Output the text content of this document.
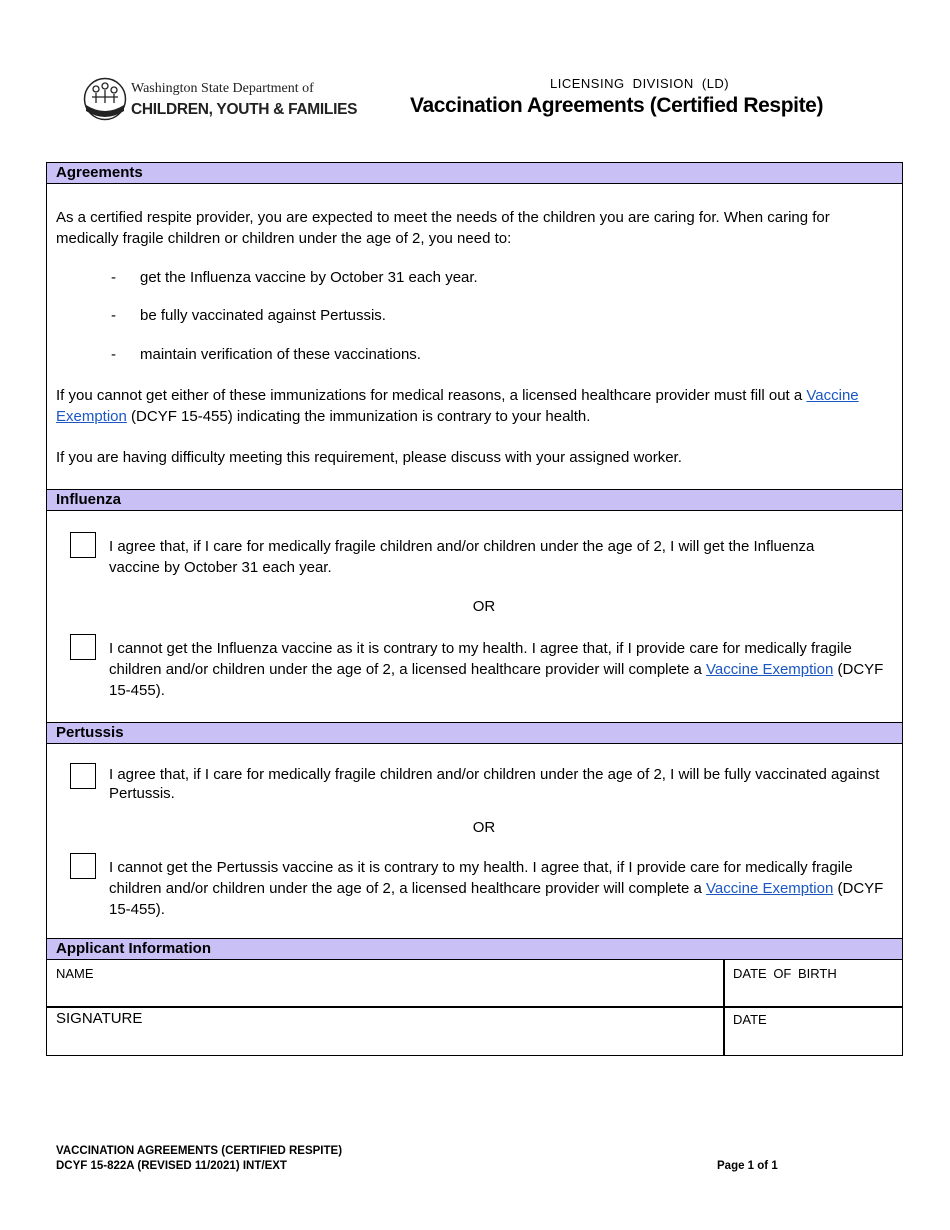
Washington State Department of
CHILDREN, YOUTH & FAMILIES
LICENSING DIVISION (LD)
Vaccination Agreements (Certified Respite)
Agreements
As a certified respite provider, you are expected to meet the needs of the children you are caring for. When caring for medically fragile children or children under the age of 2, you need to:
- get the Influenza vaccine by October 31 each year.
- be fully vaccinated against Pertussis.
- maintain verification of these vaccinations.
If you cannot get either of these immunizations for medical reasons, a licensed healthcare provider must fill out a Vaccine Exemption (DCYF 15-455) indicating the immunization is contrary to your health.
If you are having difficulty meeting this requirement, please discuss with your assigned worker.
Influenza
I agree that, if I care for medically fragile children and/or children under the age of 2, I will get the Influenza vaccine by October 31 each year.
OR
I cannot get the Influenza vaccine as it is contrary to my health. I agree that, if I provide care for medically fragile children and/or children under the age of 2, a licensed healthcare provider will complete a Vaccine Exemption (DCYF 15-455).
Pertussis
I agree that, if I care for medically fragile children and/or children under the age of 2, I will be fully vaccinated against Pertussis.
OR
I cannot get the Pertussis vaccine as it is contrary to my health. I agree that, if I provide care for medically fragile children and/or children under the age of 2, a licensed healthcare provider will complete a Vaccine Exemption (DCYF 15-455).
Applicant Information
NAME	DATE OF BIRTH
SIGNATURE	DATE
VACCINATION AGREEMENTS (CERTIFIED RESPITE)
DCYF 15-822A (REVISED 11/2021) INT/EXT	Page 1 of 1
